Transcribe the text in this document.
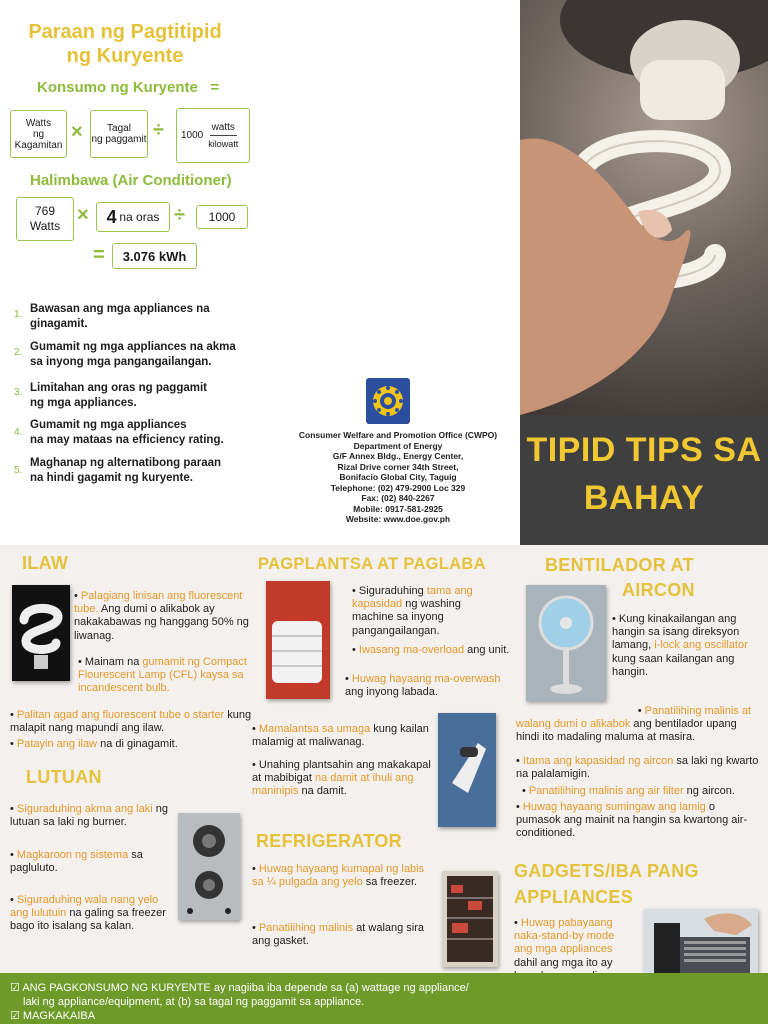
Paraan ng Pagtitipid
ng Kuryente
Konsumo ng Kuryente =
Watts
ng
Kagamitan
× Tagal
ng paggamit ÷ 1000
watts
kilowatt
Halimbawa (Air Conditioner)
769
Watts × 4
na oras ÷	1000
=	3.076 kWh
1. Bawasan ang mga appliances na
ginagamit.
2. Gumamit ng mga appliances na akma
sa inyong mga pangangailangan.
3. Limitahan ang oras ng paggamit
ng mga appliances.
4.
Gumamit ng mga appliances
na may mataas na efficiency rating.
5.
Maghanap ng alternatibong paraan
na hindi gagamit ng kuryente.
Consumer Welfare and Promotion Office (CWPO)
Department of Energy
G/F Annex Bldg., Energy Center,
Rizal Drive corner 34th Street,
Bonifacio Global City, Taguig
Telephone: (02) 479-2900 Loc 329
Fax: (02) 840-2267
Mobile: 0917-581-2925
Website: www.doe.gov.ph
TIPID TIPS SA
BAHAY
ILAW
• Palagiang linisan ang fluorescent tube. Ang dumi o alikabok ay nakakabawas ng hanggang 50% ng liwanag.
• Mainam na gumamit ng Compact Flourescent Lamp (CFL) kaysa sa incandescent bulb.
• Palitan agad ang fluorescent tube o starter kung malapit nang mapundi ang ilaw.
• Patayin ang ilaw na di ginagamit.
LUTUAN
• Siguraduhing akma ang laki ng lutuan sa laki ng burner.
• Magkaroon ng sistema sa pagluluto.
• Siguraduhing wala nang yelo ang lulutuin na galing sa freezer bago ito isalang sa kalan.
PAGPLANTSA AT PAGLABA
• Siguraduhing tama ang kapasidad ng washing machine sa inyong pangangailangan.
• Iwasang ma-overload ang unit.
• Huwag hayaang ma-overwash ang inyong labada.
• Mamalantsa sa umaga kung kailan malamig at maliwanag.
• Unahing plantsahin ang makakapal at mabibigat na damit at ihuli ang maninipis na damit.
REFRIGERATOR
• Huwag hayaang kumapal ng labis sa ¼ pulgada ang yelo sa freezer.
• Panatilihing malinis at walang sira ang gasket.
BENTILADOR AT
AIRCON
• Kung kinakailangan ang hangin sa isang direksyon lamang, i-lock ang oscillator kung saan kailangan ang hangin.
• Panatilihing malinis at
walang dumi o alikabok ang bentilador upang hindi ito madaling maluma at masira.
• Itama ang kapasidad ng aircon sa laki ng kwarto na palalamigin.
• Panatilihing malinis ang air filter ng aircon.
• Huwag hayaang sumingaw ang lamig o pumasok ang mainit na hangin sa kwartong air-conditioned.
GADGETS/IBA PANG
APPLIANCES
• Huwag pabayaang naka-stand-by mode ang mga appliances dahil ang mga ito ay
☑ ANG PAGKONSUMO NG KURYENTE ay nagiiba iba depende sa (a) wattage ng appliance/
laki ng appliance/equipment, at (b) sa tagal ng paggamit sa appliance.
☑ MAGKAKAIBA
